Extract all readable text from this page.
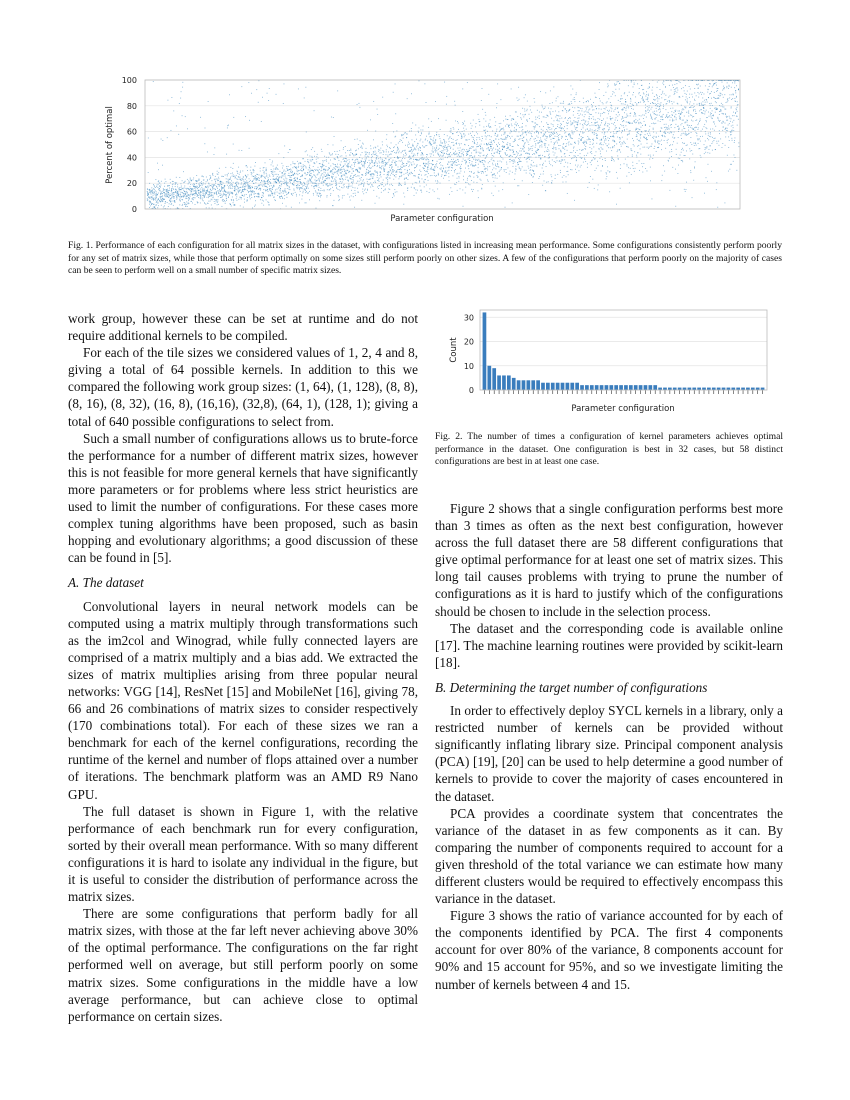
0
20
40
60
80
100
Parameter configuration
Percent of optimal
Fig. 1. Performance of each configuration for all matrix sizes in the dataset, with configurations listed in increasing mean performance. Some configurations consistently perform poorly for any set of matrix sizes, while those that perform optimally on some sizes still perform poorly on other sizes. A few of the configurations that perform poorly on the majority of cases can be seen to perform well on a small number of specific matrix sizes.
0
10
20
30
Parameter configuration
Count
Fig. 2. The number of times a configuration of kernel parameters achieves optimal performance in the dataset. One configuration is best in 32 cases, but 58 distinct configurations are best in at least one case.

work group, however these can be set at runtime and do not require additional kernels to be compiled.

For each of the tile sizes we considered values of 1, 2, 4 and 8, giving a total of 64 possible kernels. In addition to this we compared the following work group sizes: (1, 64), (1, 128), (8, 8), (8, 16), (8, 32), (16, 8), (16,16), (32,8), (64, 1), (128, 1); giving a total of 640 possible configurations to select from.

Such a small number of configurations allows us to brute-force the performance for a number of different matrix sizes, however this is not feasible for more general kernels that have significantly more parameters or for problems where less strict heuristics are used to limit the number of configurations. For these cases more complex tuning algorithms have been proposed, such as basin hopping and evolutionary algorithms; a good discussion of these can be found in [5].

A. The dataset

Convolutional layers in neural network models can be computed using a matrix multiply through transformations such as the im2col and Winograd, while fully connected layers are comprised of a matrix multiply and a bias add. We extracted the sizes of matrix multiplies arising from three popular neural networks: VGG [14], ResNet [15] and MobileNet [16], giving 78, 66 and 26 combinations of matrix sizes to consider respectively (170 combinations total). For each of these sizes we ran a benchmark for each of the kernel configurations, recording the runtime of the kernel and number of flops attained over a number of iterations. The benchmark platform was an AMD R9 Nano GPU.

The full dataset is shown in Figure 1, with the relative performance of each benchmark run for every configuration, sorted by their overall mean performance. With so many different configurations it is hard to isolate any individual in the figure, but it is useful to consider the distribution of performance across the matrix sizes.

There are some configurations that perform badly for all matrix sizes, with those at the far left never achieving above 30% of the optimal performance. The configurations on the far right performed well on average, but still perform poorly on some matrix sizes. Some configurations in the middle have a low average performance, but can achieve close to optimal performance on certain sizes.

Figure 2 shows that a single configuration performs best more than 3 times as often as the next best configuration, however across the full dataset there are 58 different configurations that give optimal performance for at least one set of matrix sizes. This long tail causes problems with trying to prune the number of configurations as it is hard to justify which of the configurations should be chosen to include in the selection process.

The dataset and the corresponding code is available online [17]. The machine learning routines were provided by scikit-learn [18].

B. Determining the target number of configurations

In order to effectively deploy SYCL kernels in a library, only a restricted number of kernels can be provided without significantly inflating library size. Principal component analysis (PCA) [19], [20] can be used to help determine a good number of kernels to provide to cover the majority of cases encountered in the dataset.

PCA provides a coordinate system that concentrates the variance of the dataset in as few components as it can. By comparing the number of components required to account for a given threshold of the total variance we can estimate how many different clusters would be required to effectively encompass this variance in the dataset.

Figure 3 shows the ratio of variance accounted for by each of the components identified by PCA. The first 4 components account for over 80% of the variance, 8 components account for 90% and 15 account for 95%, and so we investigate limiting the number of kernels between 4 and 15.
